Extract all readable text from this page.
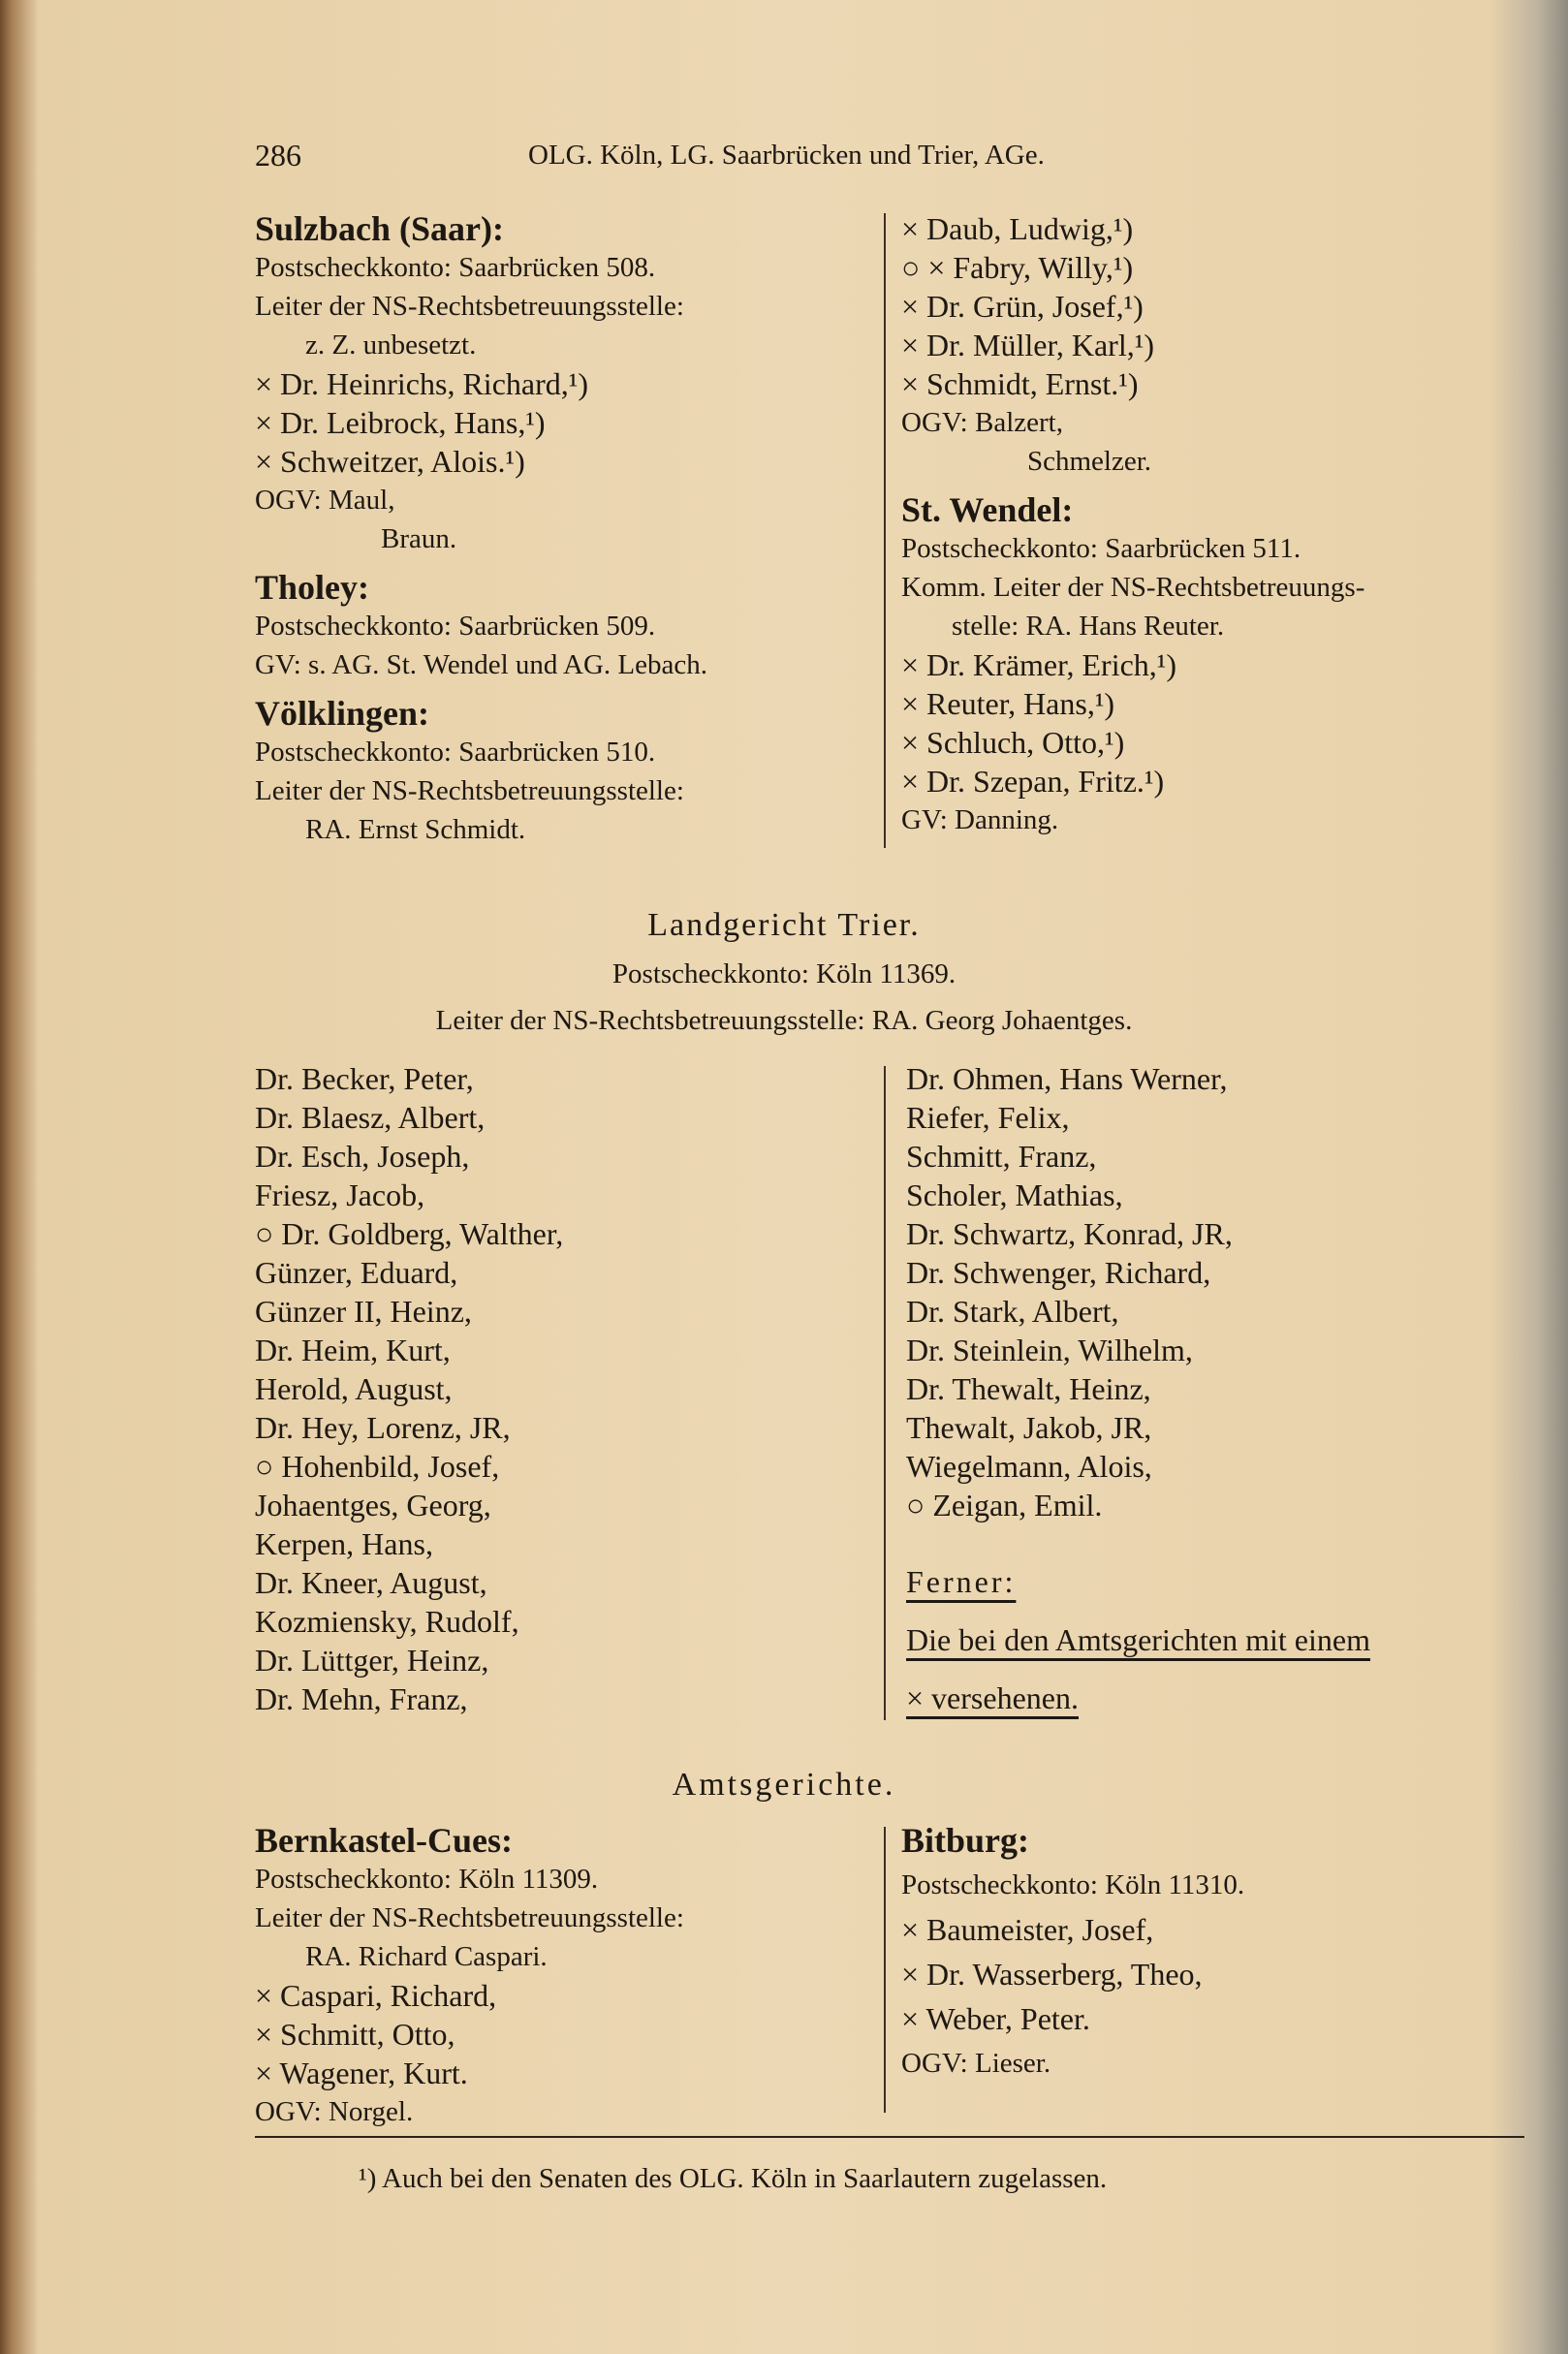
286	OLG. Köln, LG. Saarbrücken und Trier, AGe.
Sulzbach (Saar):
Postscheckkonto: Saarbrücken 508.
Leiter der NS-Rechtsbetreuungsstelle:
z. Z. unbesetzt.
× Dr. Heinrichs, Richard,¹)
× Dr. Leibrock, Hans,¹)
× Schweitzer, Alois.¹)
OGV: Maul,
Braun.
Tholey:
Postscheckkonto: Saarbrücken 509.
GV: s. AG. St. Wendel und AG. Lebach.
Völklingen:
Postscheckkonto: Saarbrücken 510.
Leiter der NS-Rechtsbetreuungsstelle:
RA. Ernst Schmidt.
× Daub, Ludwig,¹)
○ × Fabry, Willy,¹)
× Dr. Grün, Josef,¹)
× Dr. Müller, Karl,¹)
× Schmidt, Ernst.¹)
OGV: Balzert,
Schmelzer.
St. Wendel:
Postscheckkonto: Saarbrücken 511.
Komm. Leiter der NS-Rechtsbetreuungs-
stelle: RA. Hans Reuter.
× Dr. Krämer, Erich,¹)
× Reuter, Hans,¹)
× Schluch, Otto,¹)
× Dr. Szepan, Fritz.¹)
GV: Danning.
Landgericht Trier.
Postscheckkonto: Köln 11369.
Leiter der NS-Rechtsbetreuungsstelle: RA. Georg Johaentges.
Dr. Becker, Peter,
Dr. Blaesz, Albert,
Dr. Esch, Joseph,
Friesz, Jacob,
○ Dr. Goldberg, Walther,
Günzer, Eduard,
Günzer II, Heinz,
Dr. Heim, Kurt,
Herold, August,
Dr. Hey, Lorenz, JR,
○ Hohenbild, Josef,
Johaentges, Georg,
Kerpen, Hans,
Dr. Kneer, August,
Kozmiensky, Rudolf,
Dr. Lüttger, Heinz,
Dr. Mehn, Franz,
Dr. Ohmen, Hans Werner,
Riefer, Felix,
Schmitt, Franz,
Scholer, Mathias,
Dr. Schwartz, Konrad, JR,
Dr. Schwenger, Richard,
Dr. Stark, Albert,
Dr. Steinlein, Wilhelm,
Dr. Thewalt, Heinz,
Thewalt, Jakob, JR,
Wiegelmann, Alois,
○ Zeigan, Emil.
Ferner:
Die bei den Amtsgerichten mit einem
× versehenen.
Amtsgerichte.
Bernkastel-Cues:
Postscheckkonto: Köln 11309.
Leiter der NS-Rechtsbetreuungsstelle:
RA. Richard Caspari.
× Caspari, Richard,
× Schmitt, Otto,
× Wagener, Kurt.
OGV: Norgel.
Bitburg:
Postscheckkonto: Köln 11310.
× Baumeister, Josef,
× Dr. Wasserberg, Theo,
× Weber, Peter.
OGV: Lieser.
¹) Auch bei den Senaten des OLG. Köln in Saarlautern zugelassen.
